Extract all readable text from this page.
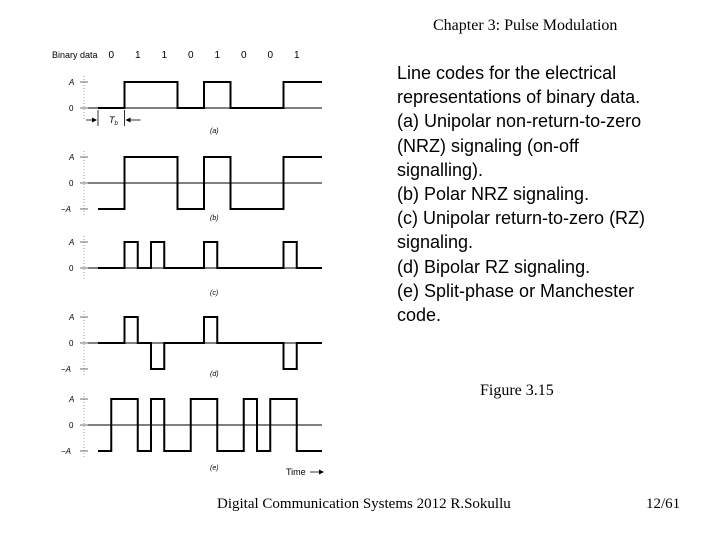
Chapter 3: Pulse Modulation
Binary data 0 1 1 0 1 0 0 1
A
0
(a)
$T_b$
A
0
−A
(b)
A
0
(c)
A
0
−A
(d)
A
0
−A
(e)	Time
Line codes for the electrical
representations of binary data.
(a) Unipolar non-return-to-zero
(NRZ) signaling (on-off
signalling).
(b) Polar NRZ signaling.
(c) Unipolar return-to-zero (RZ)
signaling.
(d) Bipolar RZ signaling.
(e) Split-phase or Manchester
code.
Figure 3.15
Digital Communication Systems 2012 R.Sokullu	12/61
